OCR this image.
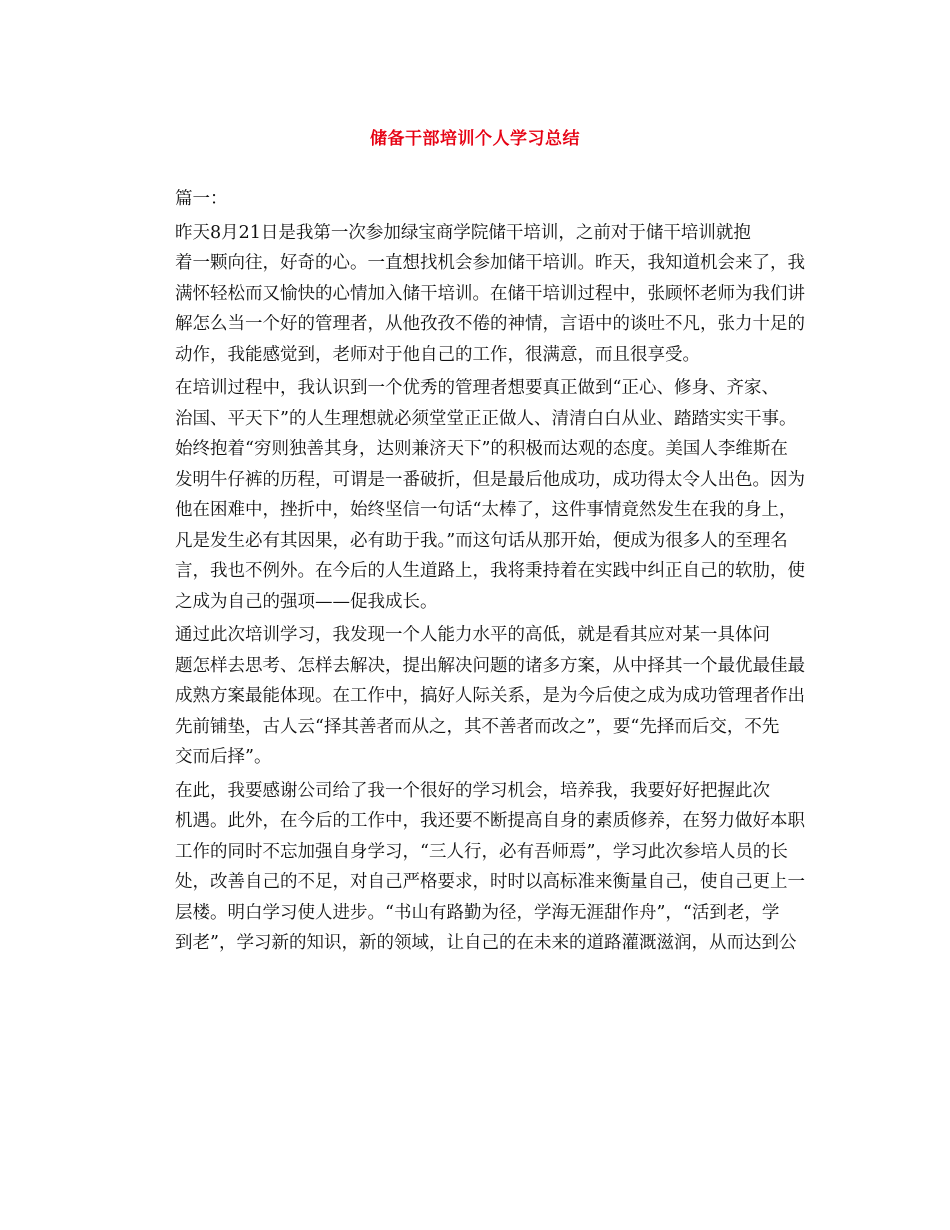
储备干部培训个人学习总结
篇一：
昨天8月21日是我第一次参加绿宝商学院储干培训，之前对于储干培训就抱
着一颗向往，好奇的心。一直想找机会参加储干培训。昨天，我知道机会来了，我
满怀轻松而又愉快的心情加入储干培训。在储干培训过程中，张顾怀老师为我们讲
解怎么当一个好的管理者，从他孜孜不倦的神情，言语中的谈吐不凡，张力十足的
动作，我能感觉到，老师对于他自己的工作，很满意，而且很享受。
在培训过程中，我认识到一个优秀的管理者想要真正做到“正心、修身、齐家、
治国、平天下”的人生理想就必须堂堂正正做人、清清白白从业、踏踏实实干事。
始终抱着“穷则独善其身，达则兼济天下”的积极而达观的态度。美国人李维斯在
发明牛仔裤的历程，可谓是一番破折，但是最后他成功，成功得太令人出色。因为
他在困难中，挫折中，始终坚信一句话“太棒了，这件事情竟然发生在我的身上，
凡是发生必有其因果，必有助于我。”而这句话从那开始，便成为很多人的至理名
言，我也不例外。在今后的人生道路上，我将秉持着在实践中纠正自己的软肋，使
之成为自己的强项——促我成长。
通过此次培训学习，我发现一个人能力水平的高低，就是看其应对某一具体问
题怎样去思考、怎样去解决，提出解决问题的诸多方案，从中择其一个最优最佳最
成熟方案最能体现。在工作中，搞好人际关系，是为今后使之成为成功管理者作出
先前铺垫，古人云“择其善者而从之，其不善者而改之”，要“先择而后交，不先
交而后择”。
在此，我要感谢公司给了我一个很好的学习机会，培养我，我要好好把握此次
机遇。此外，在今后的工作中，我还要不断提高自身的素质修养，在努力做好本职
工作的同时不忘加强自身学习，“三人行，必有吾师焉”，学习此次参培人员的长
处，改善自己的不足，对自己严格要求，时时以高标准来衡量自己，使自己更上一
层楼。明白学习使人进步。“书山有路勤为径，学海无涯甜作舟”，“活到老，学
到老”，学习新的知识，新的领域，让自己的在未来的道路灌溉滋润，从而达到公
